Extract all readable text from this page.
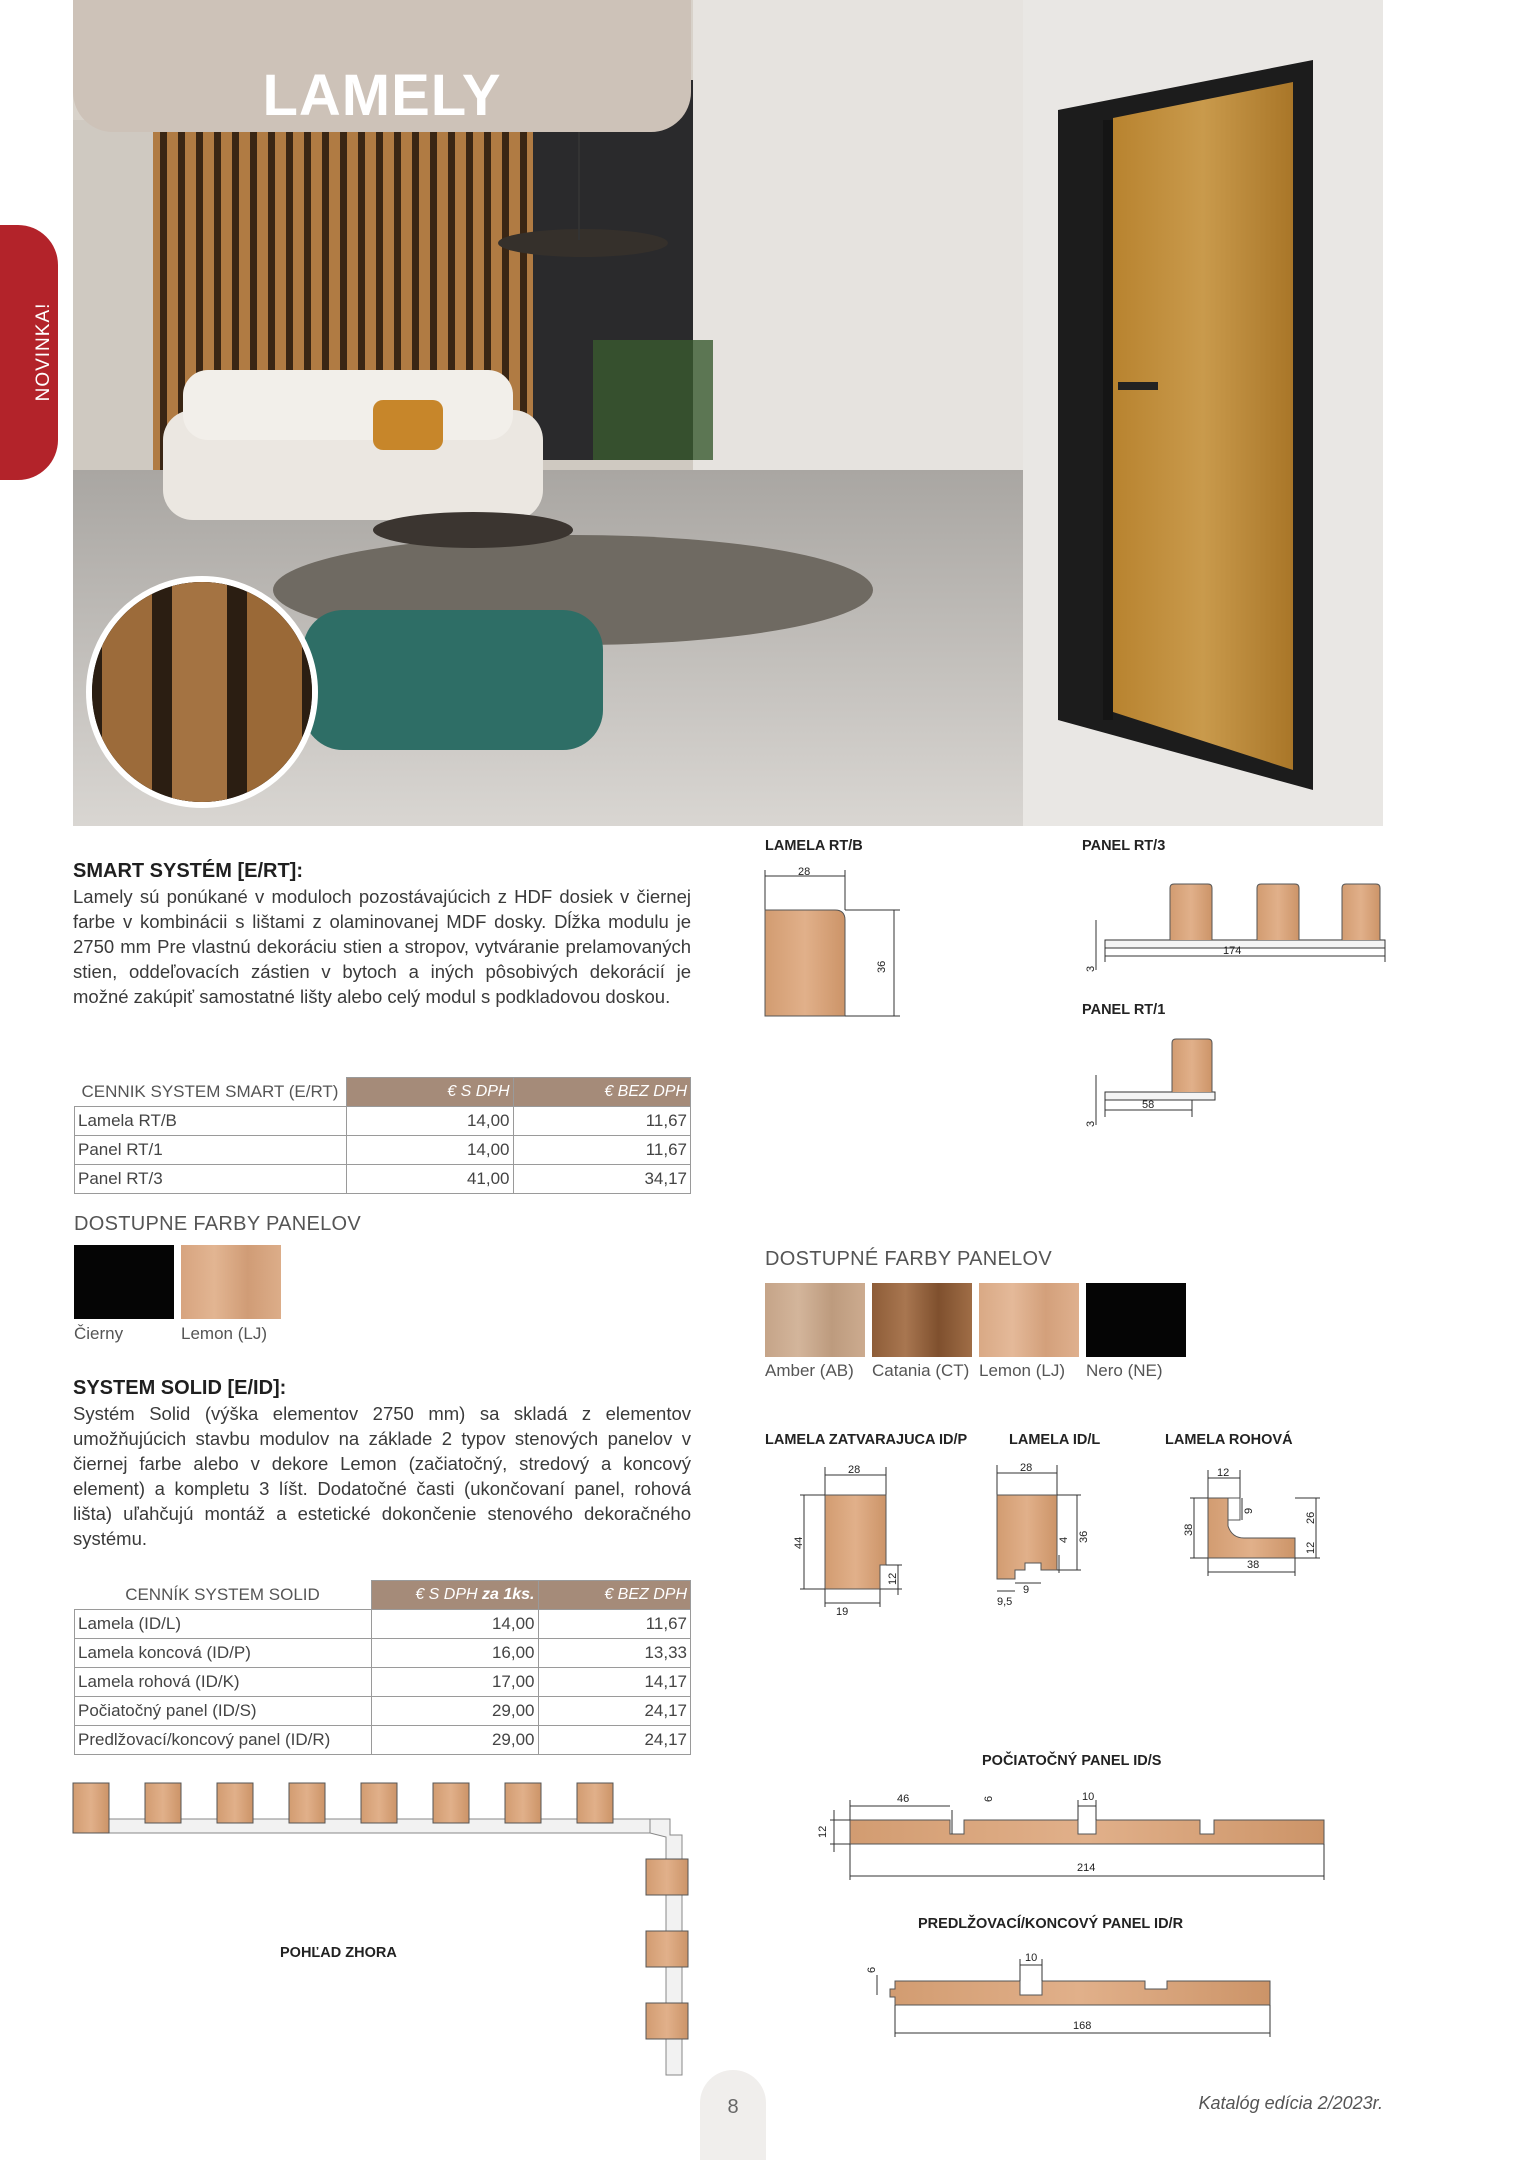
LAMELY
NOVINKA!
SMART SYSTÉM [E/RT]:
Lamely sú ponúkané v moduloch pozostávajúcich z HDF dosiek v čiernej farbe v kombinácii s lištami z olaminovanej MDF dosky. Dĺžka modulu je 2750 mm Pre vlastnú dekoráciu stien a stropov, vytváranie prelamovaných stien, oddeľovacích zástien v bytoch a iných pôsobivých dekorácií je možné zakúpiť samostatné lišty alebo celý modul s podkladovou doskou.
CENNIK SYSTEM SMART (E/RT)	€ S DPH	€ BEZ DPH
Lamela RT/B	14,00	11,67
Panel RT/1	14,00	11,67
Panel RT/3	41,00	34,17
DOSTUPNE FARBY PANELOV
Čierny	Lemon (LJ)
SYSTEM SOLID [E/ID]:
Systém Solid (výška elementov 2750 mm) sa skladá z elementov umožňujúcich stavbu modulov na základe 2 typov stenových panelov v čiernej farbe alebo v dekore Lemon (začiatočný, stredový a koncový element) a kompletu 3 líšt. Dodatočné časti (ukončovaní panel, rohová lišta) uľahčujú montáž a estetické dokončenie stenového dekoračného systému.
CENNÍK SYSTEM SOLID	€ S DPH za 1ks.	€ BEZ DPH
Lamela (ID/L)	14,00	11,67
Lamela koncová (ID/P)	16,00	13,33
Lamela rohová (ID/K)	17,00	14,17
Počiatočný panel (ID/S)	29,00	24,17
Predlžovací/koncový panel (ID/R)	29,00	24,17
POHĽAD ZHORA
LAMELA RT/B
28
36
PANEL RT/3
174
3
PANEL RT/1
58
3
DOSTUPNÉ FARBY PANELOV
Amber (AB) Catania (CT) Lemon (LJ) Nero (NE)
LAMELA ZATVARAJUCA ID/P
28
44
12
19
LAMELA ID/L
28
36
4
9
9,5
LAMELA ROHOVÁ
12
9
38
26
12
38
POČIATOČNÝ PANEL ID/S
46	6	10
12
214
PREDLŽOVACÍ/KONCOVÝ PANEL ID/R
10
6
168
8	Katalóg edícia 2/2023r.
